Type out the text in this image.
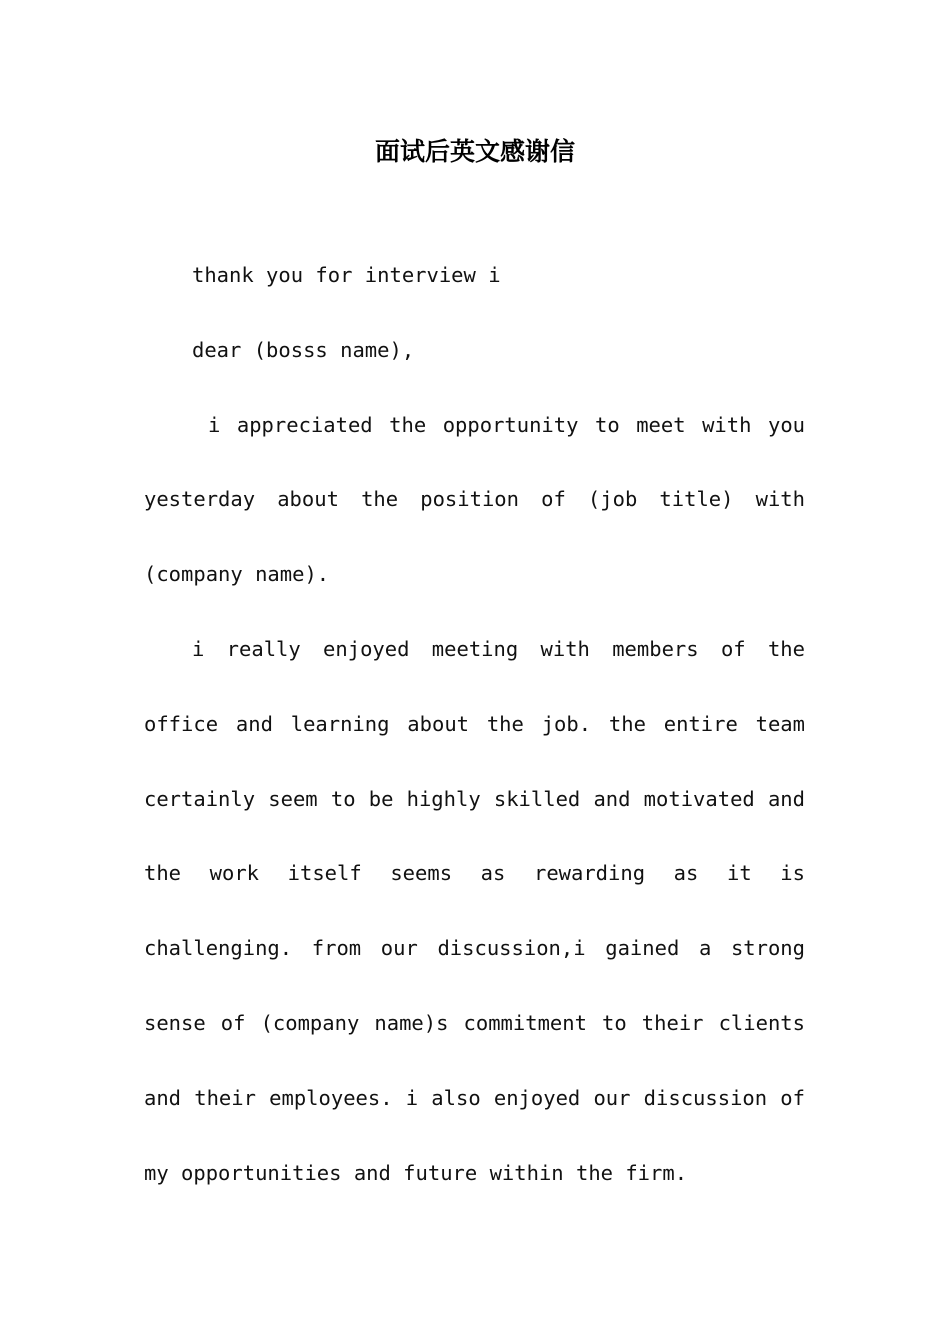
面试后英文感谢信

thank you for interview i

dear (bosss name),

i appreciated the opportunity to meet with you yesterday about the position of (job title) with (company name).

i really enjoyed meeting with members of the office and learning about the job. the entire team certainly seem to be highly skilled and motivated and the work itself seems as rewarding as it is challenging. from our discussion,i gained a strong sense of (company name)s commitment to their clients and their employees. i also enjoyed our discussion of my opportunities and future within the firm.
